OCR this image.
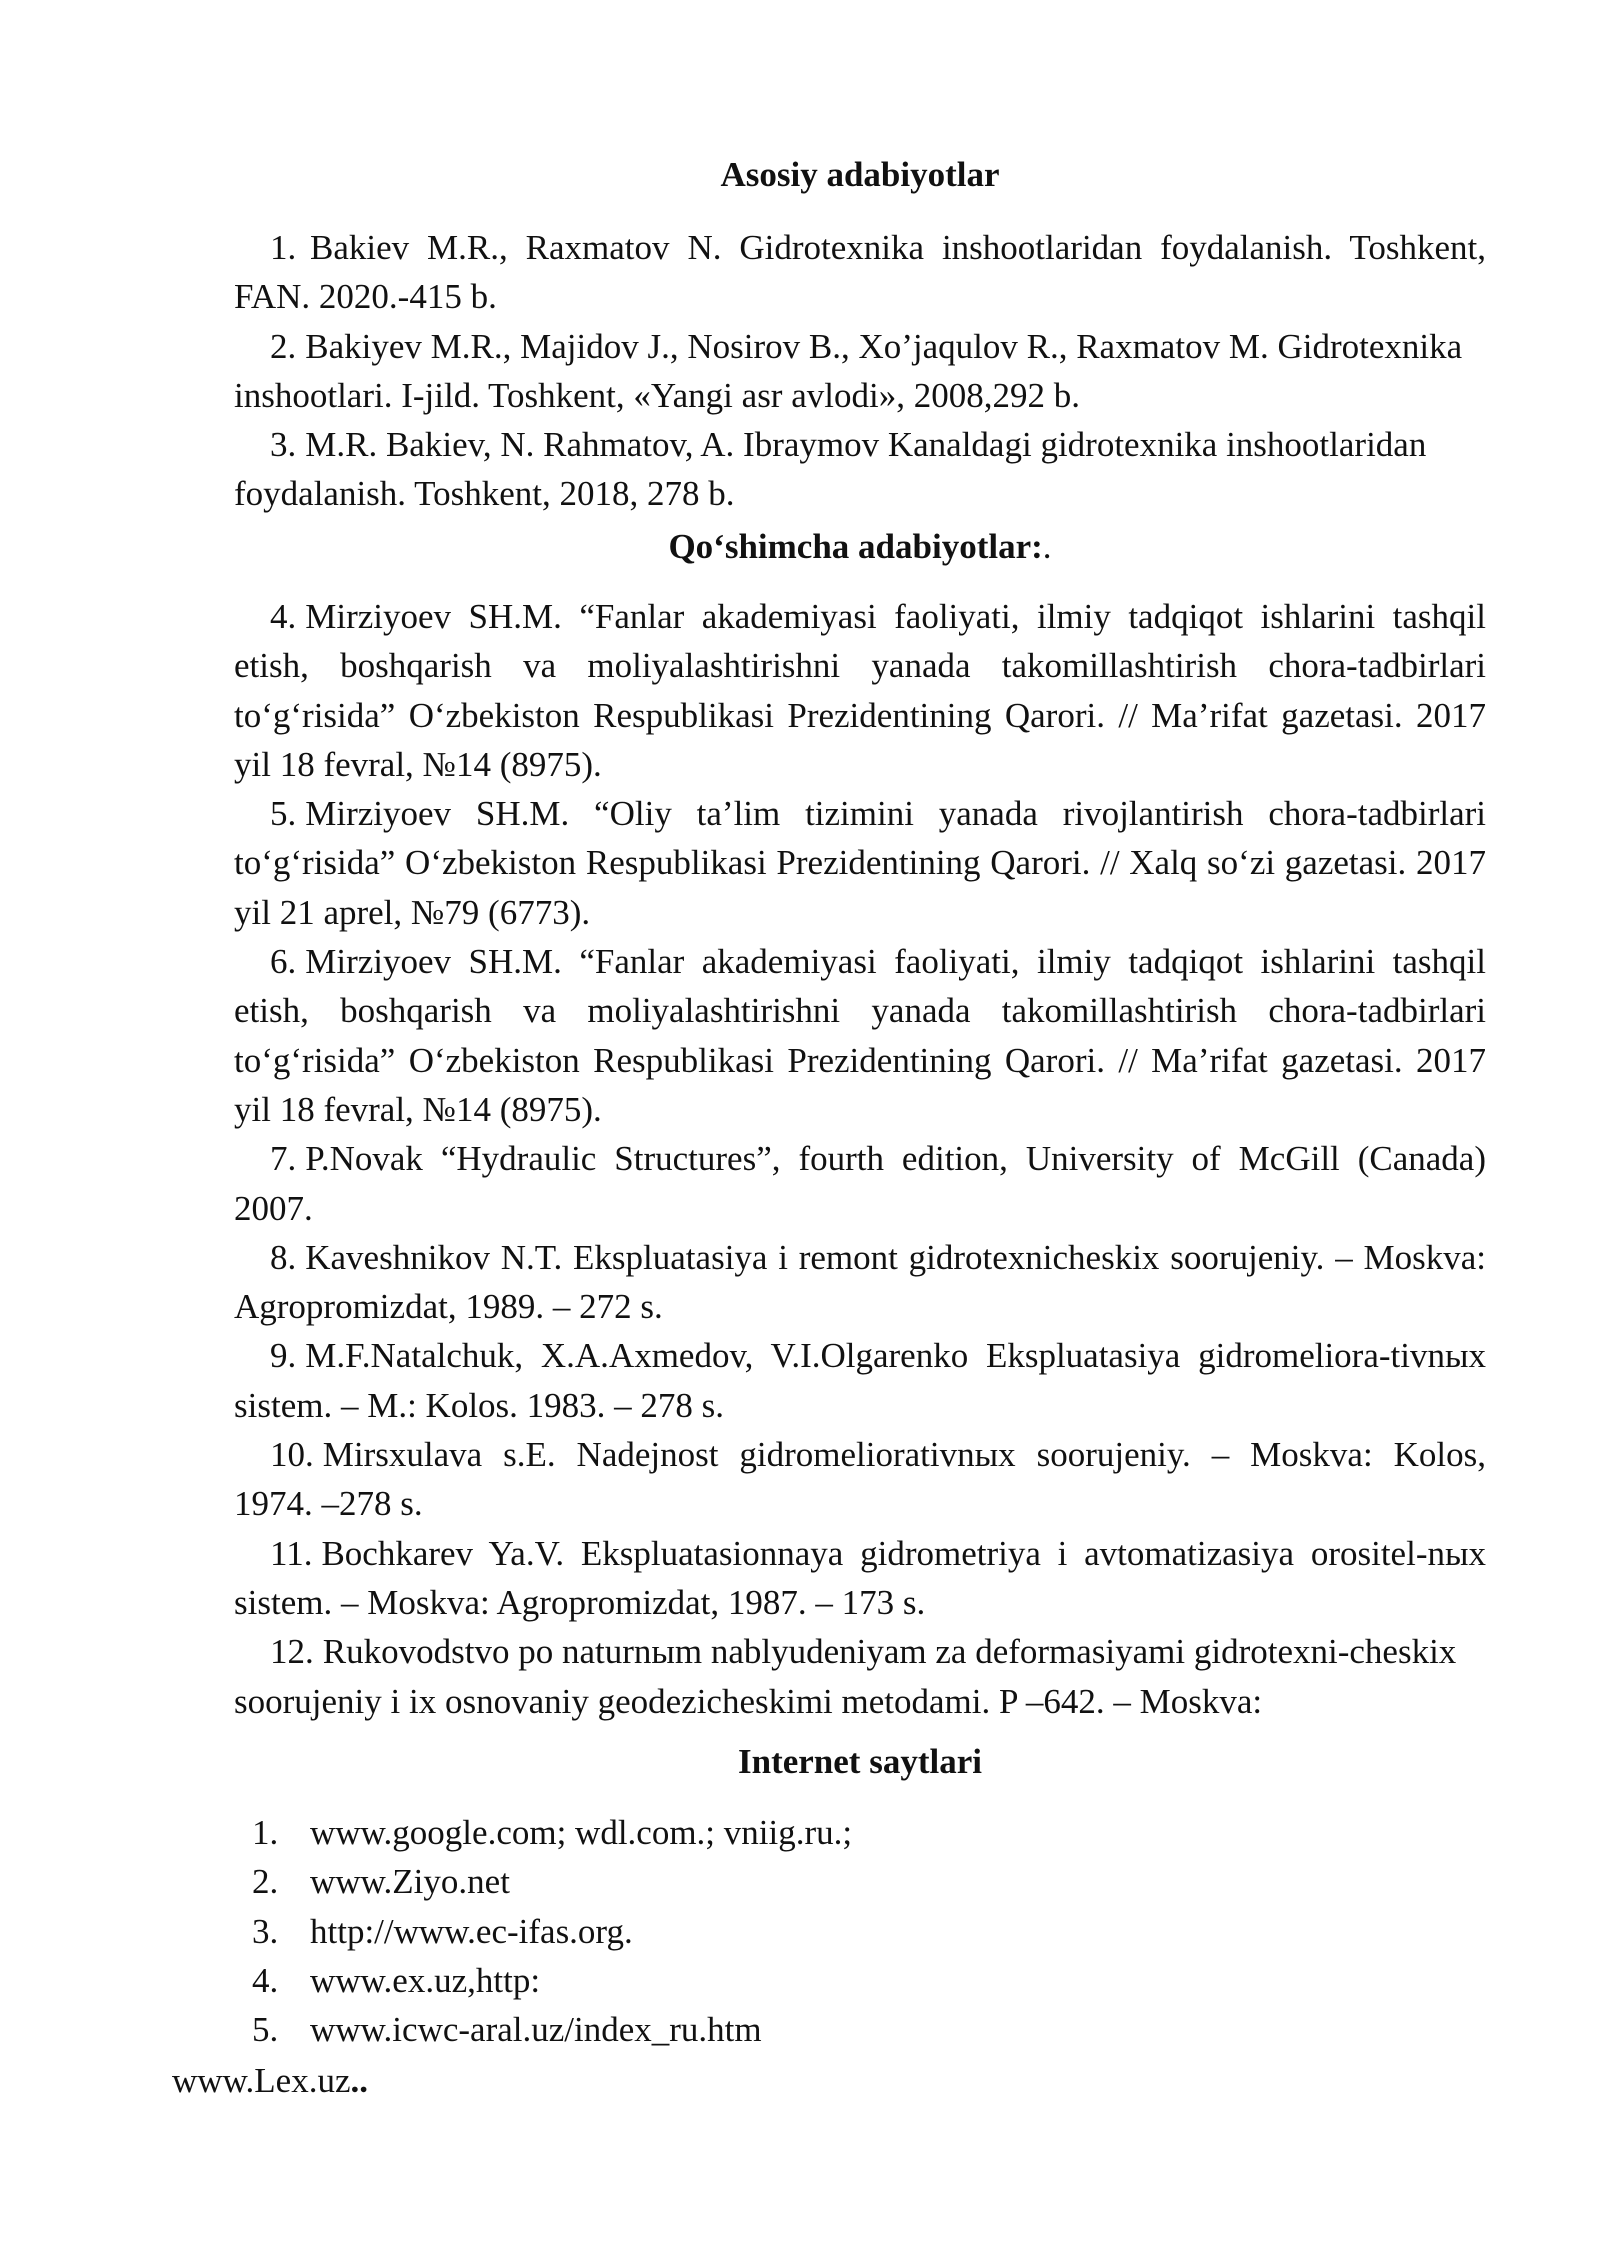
Asosiy adabiyotlar

1. Bakiev M.R., Raxmatov N. Gidrotexnika inshootlaridan foydalanish. Toshkent, FAN. 2020.-415 b.

2. Bakiyev M.R., Majidov J., Nosirov B., Xo’jaqulov R., Raxmatov M. Gidrotexnika inshootlari. I-jild. Toshkent, «Yangi asr avlodi», 2008,292 b.

3. M.R. Bakiev, N. Rahmatov, A. Ibraymov Kanaldagi gidrotexnika inshootlaridan foydalanish. Toshkent, 2018, 278 b.

Qo‘shimcha adabiyotlar:.

4. Mirziyoev SH.M. “Fanlar akademiyasi faoliyati, ilmiy tadqiqot ishlarini tashqil etish, boshqarish va moliyalashtirishni yanada takomillashtirish chora-tadbirlari to‘g‘risida” O‘zbekiston Respublikasi Prezidentining Qarori. // Ma’rifat gazetasi. 2017 yil 18 fevral, №14 (8975).

5. Mirziyoev SH.M. “Oliy ta’lim tizimini yanada rivojlantirish chora-tadbirlari to‘g‘risida” O‘zbekiston Respublikasi Prezidentining Qarori. // Xalq so‘zi gazetasi. 2017 yil 21 aprel, №79 (6773).

6. Mirziyoev SH.M. “Fanlar akademiyasi faoliyati, ilmiy tadqiqot ishlarini tashqil etish, boshqarish va moliyalashtirishni yanada takomillashtirish chora-tadbirlari to‘g‘risida” O‘zbekiston Respublikasi Prezidentining Qarori. // Ma’rifat gazetasi. 2017 yil 18 fevral, №14 (8975).

7. P.Novak “Hydraulic Structures”, fourth edition, University of McGill (Canada) 2007.

8. Kaveshnikov N.T. Ekspluatasiya i remont gidrotexnicheskix soorujeniy. – Moskva: Agropromizdat, 1989. – 272 s.

9. M.F.Natalchuk, X.A.Axmedov, V.I.Olgarenko Ekspluatasiya gidromeliora-tivnыx sistem. – M.: Kolos. 1983. – 278 s.

10. Mirsxulava s.E. Nadejnost gidromeliorativnыx soorujeniy. – Moskva: Kolos, 1974. –278 s.

11. Bochkarev Ya.V. Ekspluatasionnaya gidrometriya i avtomatizasiya orositel-nыx sistem. – Moskva: Agropromizdat, 1987. – 173 s.

12. Rukovodstvo po naturnыm nablyudeniyam za deformasiyami gidrotexni-cheskix soorujeniy i ix osnovaniy geodezicheskimi metodami. P –642. – Moskva:

Internet saytlari
1. www.google.com; wdl.com.; vniig.ru.;
2. www.Ziyo.net
3. http://www.ec-ifas.org.
4. www.ex.uz,http:
5. www.icwc-aral.uz/index_ru.htm
www.Lex.uz..
